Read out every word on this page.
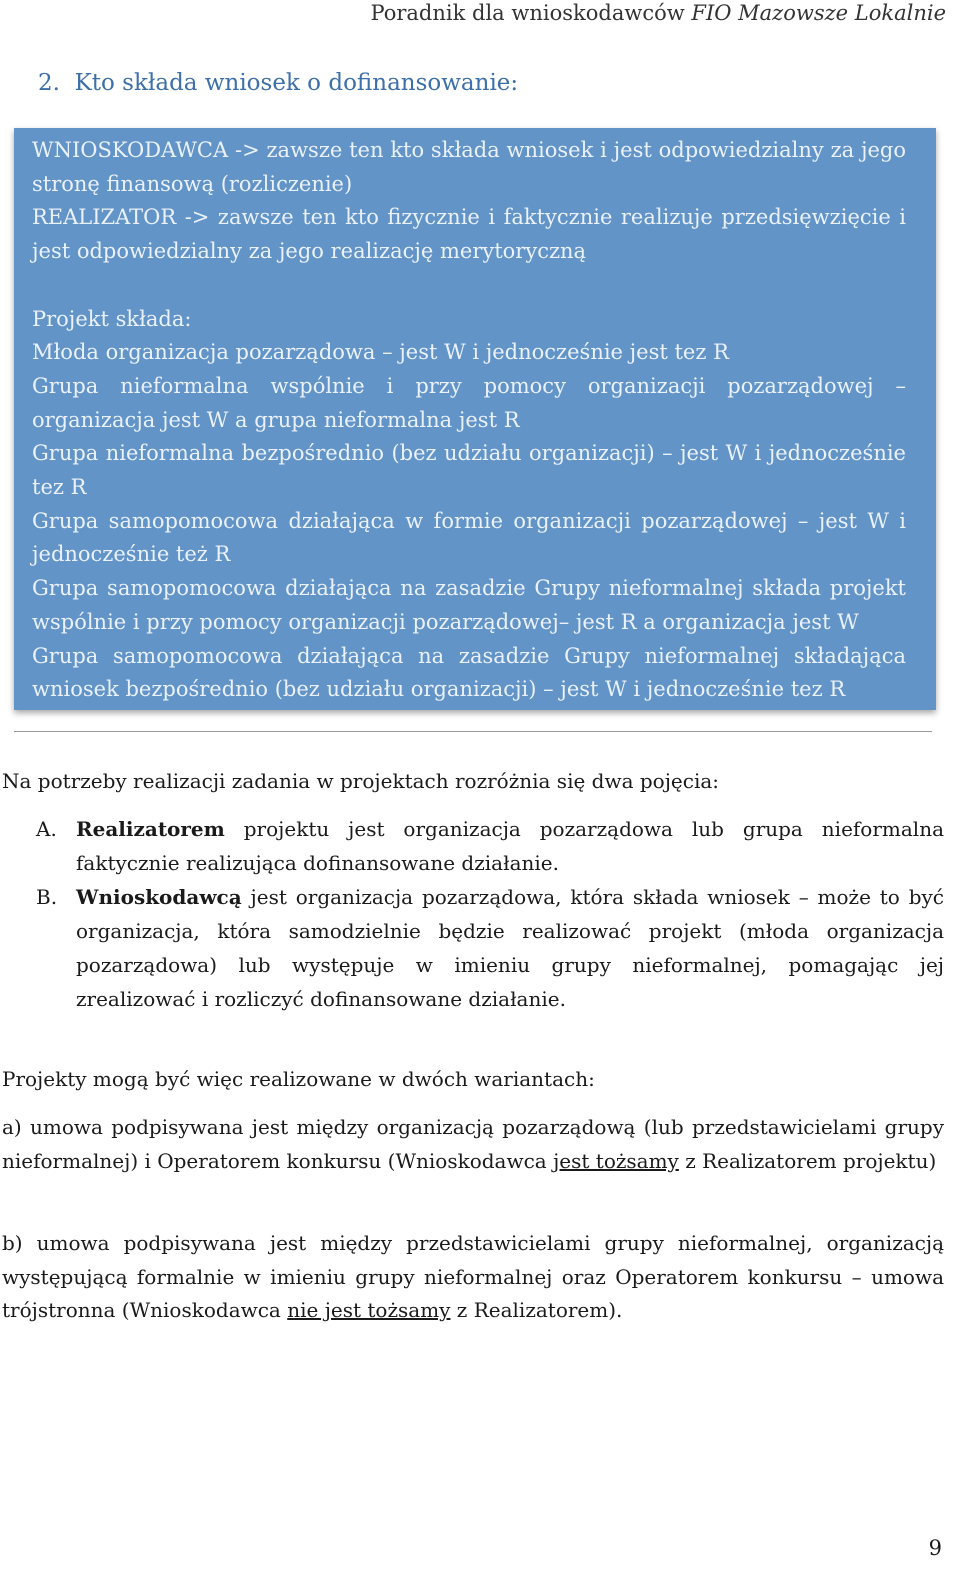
Poradnik dla wnioskodawców FIO Mazowsze Lokalnie
2. Kto składa wniosek o dofinansowanie:

WNIOSKODAWCA -> zawsze ten kto składa wniosek i jest odpowiedzialny za jego stronę finansową (rozliczenie)

REALIZATOR -> zawsze ten kto fizycznie i faktycznie realizuje przedsięwzięcie i jest odpowiedzialny za jego realizację merytoryczną

Projekt składa:

Młoda organizacja pozarządowa – jest W i jednocześnie jest tez R

Grupa nieformalna wspólnie i przy pomocy organizacji pozarządowej – organizacja jest W a grupa nieformalna jest R

Grupa nieformalna bezpośrednio (bez udziału organizacji) – jest W i jednocześnie tez R

Grupa samopomocowa działająca w formie organizacji pozarządowej – jest W i jednocześnie też R

Grupa samopomocowa działająca na zasadzie Grupy nieformalnej składa projekt wspólnie i przy pomocy organizacji pozarządowej– jest R a organizacja jest W

Grupa samopomocowa działająca na zasadzie Grupy nieformalnej składająca wniosek bezpośrednio (bez udziału organizacji) – jest W i jednocześnie tez R

Na potrzeby realizacji zadania w projektach rozróżnia się dwa pojęcia:

A. Realizatorem projektu jest organizacja pozarządowa lub grupa nieformalna faktycznie realizująca dofinansowane działanie.
B. Wnioskodawcą jest organizacja pozarządowa, która składa wniosek – może to być organizacja, która samodzielnie będzie realizować projekt (młoda organizacja pozarządowa) lub występuje w imieniu grupy nieformalnej, pomagając jej zrealizować i rozliczyć dofinansowane działanie.

Projekty mogą być więc realizowane w dwóch wariantach:

a) umowa podpisywana jest między organizacją pozarządową (lub przedstawicielami grupy nieformalnej) i Operatorem konkursu (Wnioskodawca jest tożsamy z Realizatorem projektu)

b) umowa podpisywana jest między przedstawicielami grupy nieformalnej, organizacją występującą formalnie w imieniu grupy nieformalnej oraz Operatorem konkursu – umowa trójstronna (Wnioskodawca nie jest tożsamy z Realizatorem).

9
